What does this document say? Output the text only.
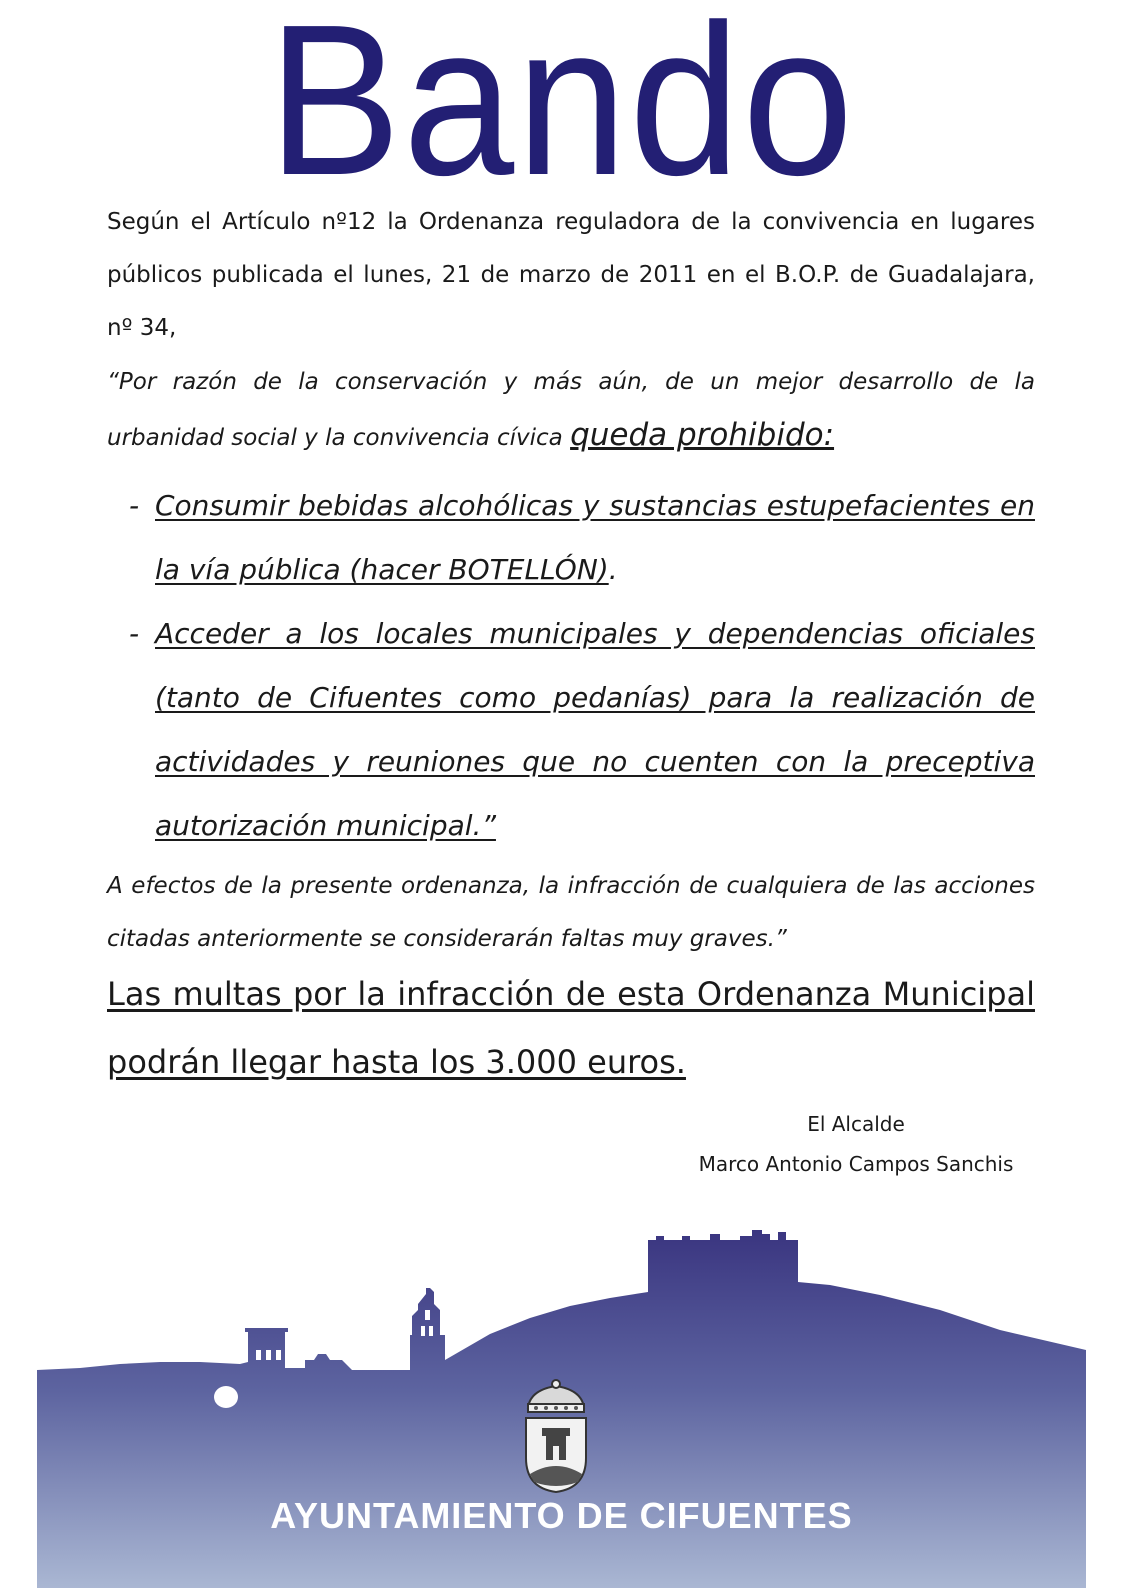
Bando

Según el Artículo nº12 la Ordenanza reguladora de la convivencia en lugares públicos publicada el lunes, 21 de marzo de 2011 en el B.O.P. de Guadalajara, nº 34,

“Por razón de la conservación y más aún, de un mejor desarrollo de la urbanidad social y la convivencia cívica queda prohibido:

- Consumir bebidas alcohólicas y sustancias estupefacientes en la vía pública (hacer BOTELLÓN).
- Acceder a los locales municipales y dependencias oficiales (tanto de Cifuentes como pedanías) para la realización de actividades y reuniones que no cuenten con la preceptiva autorización municipal.”

A efectos de la presente ordenanza, la infracción de cualquiera de las acciones citadas anteriormente se considerarán faltas muy graves.”

Las multas por la infracción de esta Ordenanza Municipal podrán llegar hasta los 3.000 euros.

El Alcalde
Marco Antonio Campos Sanchis
AYUNTAMIENTO DE CIFUENTES
